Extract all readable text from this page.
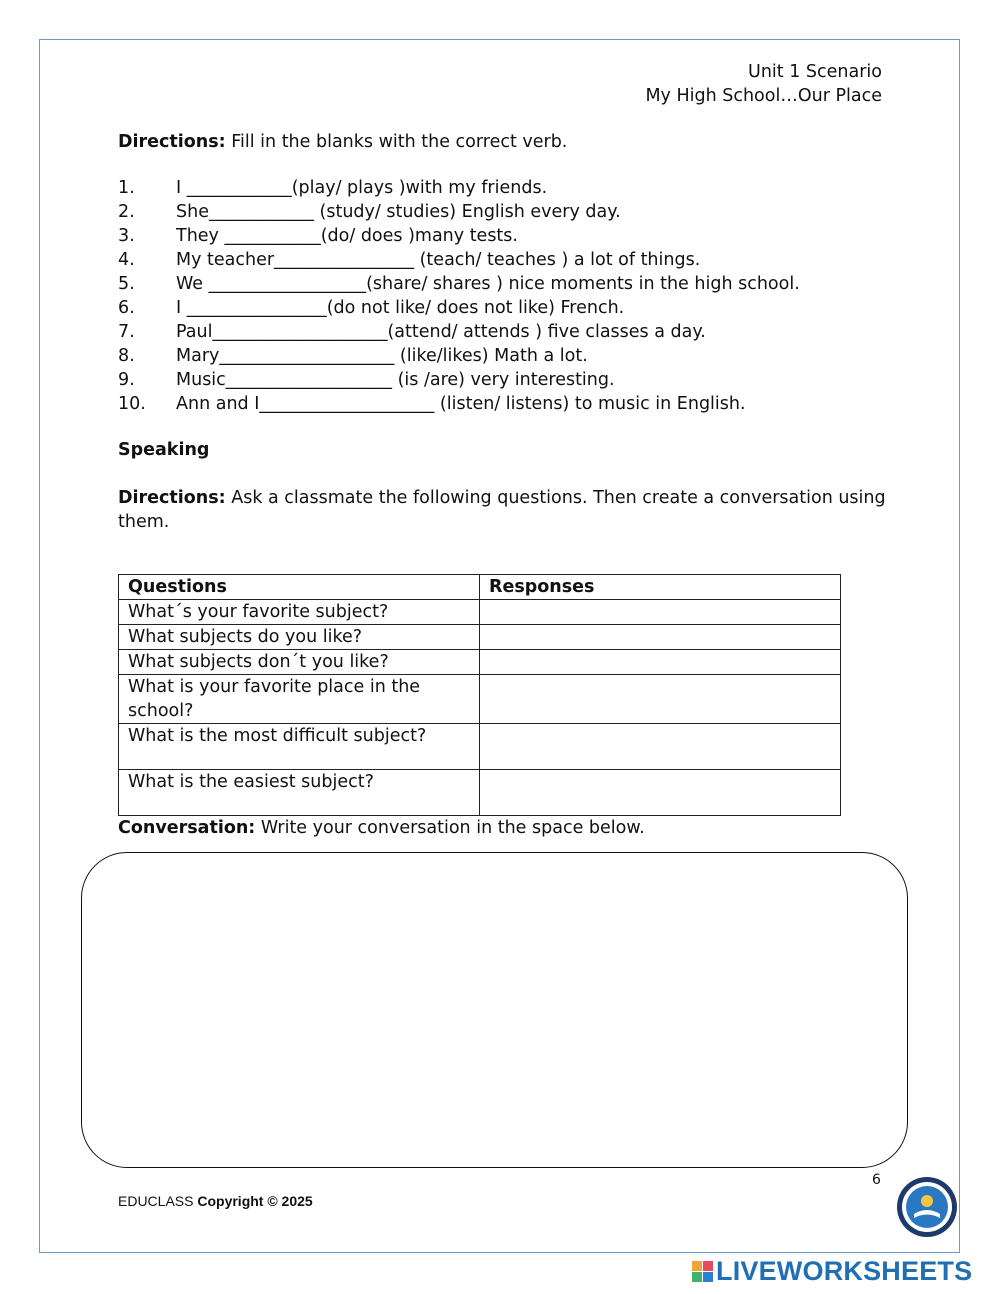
Unit 1 Scenario
My High School…Our Place
Directions: Fill in the blanks with the correct verb.
1. I ____________(play/ plays )with my friends.
2. She____________ (study/ studies) English every day.
3. They ___________(do/ does )many tests.
4. My teacher________________ (teach/ teaches ) a lot of things.
5. We __________________(share/ shares ) nice moments in the high school.
6. I ________________(do not like/ does not like) French.
7. Paul____________________(attend/ attends ) five classes a day.
8. Mary____________________ (like/likes) Math a lot.
9. Music___________________ (is /are) very interesting.
10. Ann and I____________________ (listen/ listens) to music in English.
Speaking
Directions: Ask a classmate the following questions. Then create a conversation using them.
Questions	Responses
What´s your favorite subject?	
What subjects do you like?	
What subjects don´t you like?	
What is your favorite place in the school?	
What is the most difficult subject?	
What is the easiest subject?	
Conversation: Write your conversation in the space below.
6
EDUCLASS Copyright © 2025
LIVEWORKSHEETS
